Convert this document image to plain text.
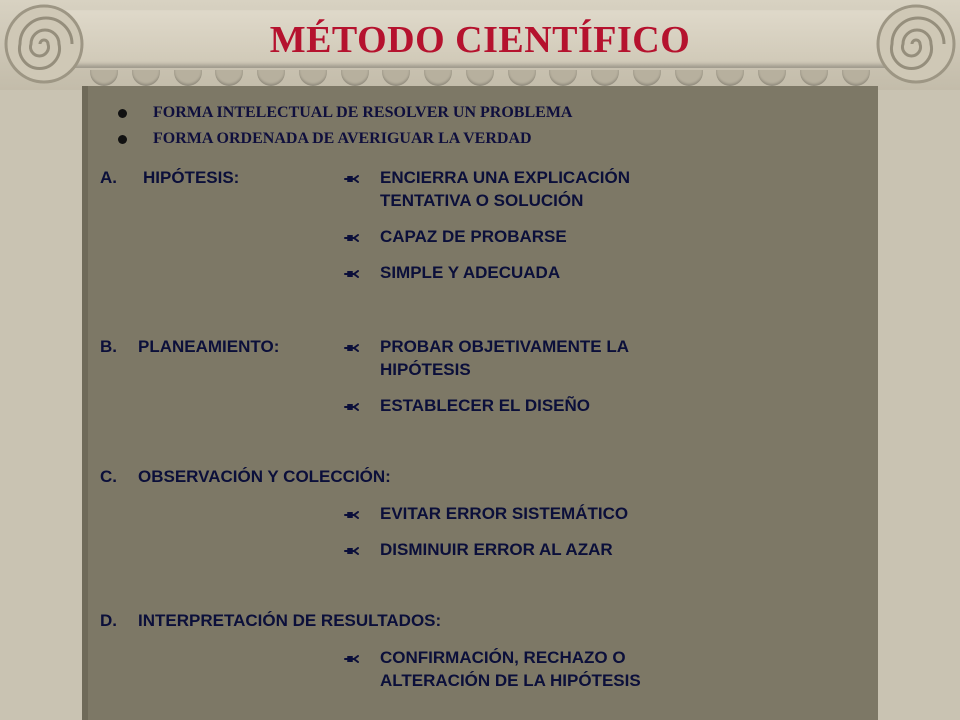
MÉTODO CIENTÍFICO
FORMA INTELECTUAL DE RESOLVER UN PROBLEMA
FORMA ORDENADA DE AVERIGUAR LA VERDAD
A. HIPÓTESIS:	ENCIERRA UNA EXPLICACIÓN
TENTATIVA O SOLUCIÓN
CAPAZ DE PROBARSE
SIMPLE Y ADECUADA
B. PLANEAMIENTO:	PROBAR OBJETIVAMENTE LA
HIPÓTESIS
ESTABLECER EL DISEÑO
C. OBSERVACIÓN Y COLECCIÓN:
EVITAR ERROR SISTEMÁTICO
DISMINUIR ERROR AL AZAR
D. INTERPRETACIÓN DE RESULTADOS:
CONFIRMACIÓN, RECHAZO O
ALTERACIÓN DE LA HIPÓTESIS
